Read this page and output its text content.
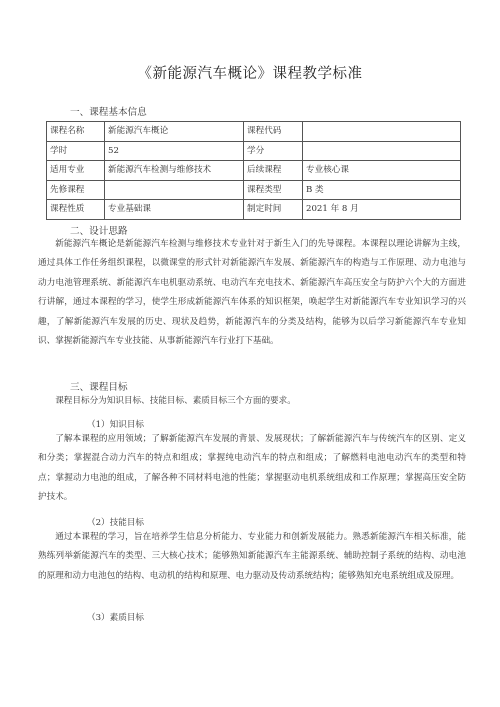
《新能源汽车概论》课程教学标准
一、课程基本信息
课程名称	新能源汽车概论	课程代码	
学时	52	学分	
适用专业	新能源汽车检测与维修技术	后续课程	专业核心课
先修课程		课程类型	B 类
课程性质	专业基础课	制定时间	2021 年 8 月
二、设计思路

新能源汽车概论是新能源汽车检测与维修技术专业针对于新生入门的先导课程。本课程以理论讲解为主线，通过具体工作任务组织课程，以微课堂的形式针对新能源汽车发展、新能源汽车的构造与工作原理、动力电池与动力电池管理系统、新能源汽车电机驱动系统、电动汽车充电技术、新能源汽车高压安全与防护六个大的方面进行讲解，通过本课程的学习，使学生形成新能源汽车体系的知识框架，唤起学生对新能源汽车专业知识学习的兴趣，了解新能源汽车发展的历史、现状及趋势，新能源汽车的分类及结构，能够为以后学习新能源汽车专业知识、掌握新能源汽车专业技能、从事新能源汽车行业打下基础。

三、课程目标

课程目标分为知识目标、技能目标、素质目标三个方面的要求。

（1）知识目标

了解本课程的应用领域；了解新能源汽车发展的背景、发展现状；了解新能源汽车与传统汽车的区别、定义和分类；掌握混合动力汽车的特点和组成；掌握纯电动汽车的特点和组成；了解燃料电池电动汽车的类型和特点；掌握动力电池的组成，了解各种不同材料电池的性能；掌握驱动电机系统组成和工作原理；掌握高压安全防护技术。

（2）技能目标

通过本课程的学习，旨在培养学生信息分析能力、专业能力和创新发展能力。熟悉新能源汽车相关标准，能熟练列举新能源汽车的类型、三大核心技术；能够熟知新能源汽车主能源系统、辅助控制子系统的结构、动电池的原理和动力电池包的结构、电动机的结构和原理、电力驱动及传动系统结构；能够熟知充电系统组成及原理。

（3）素质目标
